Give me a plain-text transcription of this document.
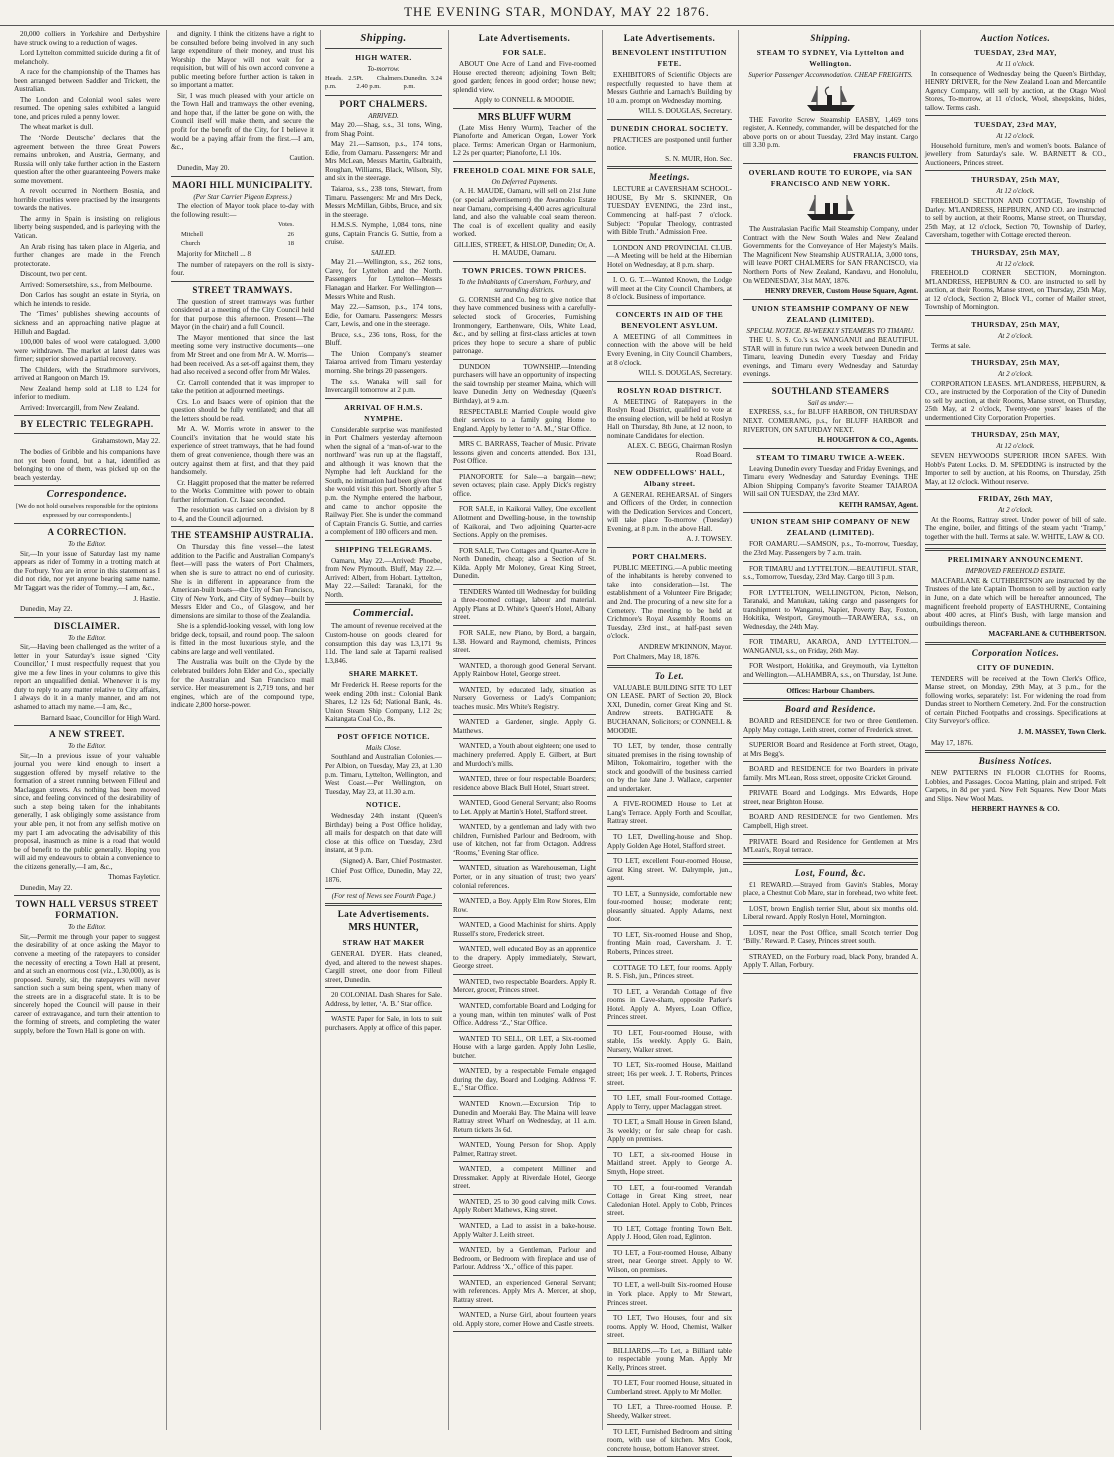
THE EVENING STAR, MONDAY, MAY 22 1876.

20,000 colliers in Yorkshire and Derbyshire have struck owing to a reduction of wages.

Lord Lyttelton committed suicide during a fit of melancholy.

A race for the championship of the Thames has been arranged between Saddler and Trickett, the Australian.

The London and Colonial wool sales were resumed. The opening sales exhibited a languid tone, and prices ruled a penny lower.

The wheat market is dull.

The ‘Norde Deutsche’ declares that the agreement between the three Great Powers remains unbroken, and Austria, Germany, and Russia will only take further action in the Eastern question after the other guaranteeing Powers make some movement.

A revolt occurred in Northern Bosnia, and horrible cruelties were practised by the insurgents towards the natives.

The army in Spain is insisting on religious liberty being suspended, and is parleying with the Vatican.

An Arab rising has taken place in Algeria, and further changes are made in the French protectorate.

Discount, two per cent.

Arrived: Somersetshire, s.s., from Melbourne.

Don Carlos has sought an estate in Styria, on which he intends to reside.

The ‘Times’ publishes shewing accounts of sickness and an approaching native plague at Hilluh and Bagdad.

100,000 bales of wool were catalogued. 3,000 were withdrawn. The market at latest dates was firmer; superior showed a partial recovery.

The Childers, with the Strathmore survivors, arrived at Rangoon on March 19.

New Zealand hemp sold at L18 to L24 for inferior to medium.

Arrived: Invercargill, from New Zealand.

BY ELECTRIC TELEGRAPH.

Grahamstown, May 22.

The bodies of Gribble and his companions have not yet been found, but a hat, identified as belonging to one of them, was picked up on the beach yesterday.

Correspondence.

[We do not hold ourselves responsible for the opinions expressed by our correspondents.]

A CORRECTION.
To the Editor.

Sir,—In your issue of Saturday last my name appears as rider of Tommy in a trotting match at the Forbury. You are in error in this statement as I did not ride, nor yet anyone bearing same name. Mr Taggart was the rider of Tommy.—I am, &c.,

J. Hastie.

Dunedin, May 22.

DISCLAIMER.
To the Editor.

Sir,—Having been challenged as the writer of a letter in your Saturday's issue signed ‘City Councillor,’ I must respectfully request that you give me a few lines in your columns to give this report an unqualified denial. Whenever it is my duty to reply to any matter relative to City affairs, I always do it in a manly manner, and am not ashamed to attach my name.—I am, &c.,

Barnard Isaac, Councillor for High Ward.

A NEW STREET.
To the Editor.

Sir,—In a previous issue of your valuable journal you were kind enough to insert a suggestion offered by myself relative to the formation of a street running between Filleul and Maclaggan streets. As nothing has been moved since, and feeling convinced of the desirability of such a step being taken for the inhabitants generally, I ask obligingly some assistance from your able pen, it not from any selfish motive on my part I am advocating the advisability of this proposal, inasmuch as mine is a road that would be of benefit to the public generally. Hoping you will aid my endeavours to obtain a convenience to the citizens generally,—I am, &c.,

Thomas Fayleticr.

Dunedin, May 22.

TOWN HALL VERSUS STREET FORMATION.
To the Editor.

Sir,—Permit me through your paper to suggest the desirability of at once asking the Mayor to convene a meeting of the ratepayers to consider the necessity of erecting a Town Hall at present, and at such an enormous cost (viz., L30,000), as is proposed. Surely, sir, the ratepayers will never sanction such a sum being spent, when many of the streets are in a disgraceful state. It is to be sincerely hoped the Council will pause in their career of extravagance, and turn their attention to the forming of streets, and completing the water supply, before the Town Hall is gone on with.

and dignity. I think the citizens have a right to be consulted before being involved in any such large expenditure of their money, and trust his Worship the Mayor will not wait for a requisition, but will of his own accord convene a public meeting before further action is taken in so important a matter.

Sir, I was much pleased with your article on the Town Hall and tramways the other evening, and hope that, if the latter be gone on with, the Council itself will make them, and secure the profit for the benefit of the City, for I believe it would be a paying affair from the first.—I am, &c.,

Caution.

Dunedin, May 20.

MAORI HILL MUNICIPALITY.
(Per Star Carrier Pigeon Express.)

The election of Mayor took place to-day with the following result:—

Votes.
Mitchell	26
Church	18

Majority for Mitchell ... 8

The number of ratepayers on the roll is sixty-four.

STREET TRAMWAYS.

The question of street tramways was further considered at a meeting of the City Council held for that purpose this afternoon. Present—The Mayor (in the chair) and a full Council.

The Mayor mentioned that since the last meeting some very instructive documents—one from Mr Street and one from Mr A. W. Morris—had been received. As a set-off against them, they had also received a second offer from Mr Wales.

Cr. Carroll contended that it was improper to take the petition at adjourned meetings.

Crs. Lo and Isaacs were of opinion that the question should be fully ventilated; and that all the letters should be read.

Mr A. W. Morris wrote in answer to the Council's invitation that he would state his experience of street tramways, that he had found them of great convenience, though there was an outcry against them at first, and that they paid handsomely.

Cr. Haggitt proposed that the matter be referred to the Works Committee with power to obtain further information. Cr. Isaac seconded.

The resolution was carried on a division by 8 to 4, and the Council adjourned.

THE STEAMSHIP AUSTRALIA.

On Thursday this fine vessel—the latest addition to the Pacific and Australian Company's fleet—will pass the waters of Port Chalmers, when she is sure to attract no end of curiosity. She is in different in appearance from the American-built boats—the City of San Francisco, City of New York, and City of Sydney—built by Messrs Elder and Co., of Glasgow, and her dimensions are similar to those of the Zealandia.

She is a splendid-looking vessel, with long low bridge deck, topsail, and round poop. The saloon is fitted in the most luxurious style, and the cabins are large and well ventilated.

The Australia was built on the Clyde by the celebrated builders John Elder and Co., specially for the Australian and San Francisco mail service. Her measurement is 2,719 tons, and her engines, which are of the compound type, indicate 2,800 horse-power.

Shipping.
HIGH WATER.
To-morrow.
Heads. 2.5 p.m.
Pt. Chalmers. 2.40 p.m.
Dunedin. 3.24 p.m.
PORT CHALMERS.
ARRIVED.

May 20.—Shag, s.s., 31 tons, Wing, from Shag Point.

May 21.—Samson, p.s., 174 tons, Edie, from Oamaru. Passengers: Mr and Mrs McLean, Messrs Martin, Galbraith, Roughan, Williams, Black, Wilson, Sly, and six in the steerage.

Taiaroa, s.s., 238 tons, Stewart, from Timaru. Passengers: Mr and Mrs Deck, Messrs McMillan, Gibbs, Bruce, and six in the steerage.

H.M.S.S. Nymphe, 1,084 tons, nine guns, Captain Francis G. Suttie, from a cruise.

SAILED.

May 21.—Wellington, s.s., 262 tons, Carey, for Lyttelton and the North. Passengers for Lyttelton—Messrs Flanagan and Harker. For Wellington—Messrs White and Rush.

May 22.—Samson, p.s., 174 tons, Edie, for Oamaru. Passengers: Messrs Carr, Lewis, and one in the steerage.

Bruce, s.s., 236 tons, Ross, for the Bluff.

The Union Company's steamer Taiaroa arrived from Timaru yesterday morning. She brings 20 passengers.

The s.s. Wanaka will sail for Invercargill tomorrow at 2 p.m.

ARRIVAL OF H.M.S. NYMPHE.

Considerable surprise was manifested in Port Chalmers yesterday afternoon when the signal of a ‘man-of-war to the northward’ was run up at the flagstaff, and although it was known that the Nymphe had left Auckland for the South, no intimation had been given that she would visit this port. Shortly after 5 p.m. the Nymphe entered the harbour, and came to anchor opposite the Railway Pier. She is under the command of Captain Francis G. Suttie, and carries a complement of 180 officers and men.

SHIPPING TELEGRAMS.

Oamaru, May 22.—Arrived: Phoebe, from New Plymouth. Bluff, May 22.—Arrived: Albert, from Hobart. Lyttelton, May 22.—Sailed: Taranaki, for the North.

Commercial.

The amount of revenue received at the Custom-house on goods cleared for consumption this day was L3,171 9s 11d. The land sale at Taparni realised L3,846.

SHARE MARKET.

Mr Frederick H. Reese reports for the week ending 20th inst.: Colonial Bank Shares, L2 12s 6d; National Bank, 4s. Union Steam Ship Company, L12 2s; Kaitangata Coal Co., 8s.

POST OFFICE NOTICE.
Mails Close.

Southland and Australian Colonies.—Per Albion, on Tuesday, May 23, at 1.30 p.m. Timaru, Lyttelton, Wellington, and West Coast.—Per Wellington, on Tuesday, May 23, at 11.30 a.m.

NOTICE.

Wednesday 24th instant (Queen's Birthday) being a Post Office holiday, all mails for despatch on that date will close at this office on Tuesday, 23rd instant, at 9 p.m.

(Signed) A. Barr, Chief Postmaster.

Chief Post Office, Dunedin, May 22, 1876.

(For rest of News see Fourth Page.)

Late Advertisements.
MRS HUNTER,
STRAW HAT MAKER

GENERAL DYER. Hats cleaned, dyed, and altered to the newest shapes. Cargill street, one door from Filleul street, Dunedin.

20 COLONIAL Dash Shares for Sale. Address, by letter, ‘A. B.’ Star office.

WASTE Paper for Sale, in lots to suit purchasers. Apply at office of this paper.

Late Advertisements.
FOR SALE.

ABOUT One Acre of Land and Five-roomed House erected thereon; adjoining Town Belt; good garden; fences in good order; house new; splendid view.

Apply to CONNELL & MOODIE.

MRS BLUFF WURM

(Late Miss Henry Wurm), Teacher of the Pianoforte and American Organ, Lower York place. Terms: American Organ or Harmonium, L2 2s per quarter; Pianoforte, L1 10s.

FREEHOLD COAL MINE FOR SALE,
On Deferred Payments.

A. H. MAUDE, Oamaru, will sell on 21st June (or special advertisement) the Awamoko Estate near Oamaru, comprising 4,400 acres agricultural land, and also the valuable coal seam thereon. The coal is of excellent quality and easily worked.

GILLIES, STREET, & HISLOP, Dunedin; Or, A. H. MAUDE, Oamaru.

TOWN PRICES. TOWN PRICES.
To the Inhabitants of Caversham, Forbury, and surrounding districts.

G. CORNISH and Co. beg to give notice that they have commenced business with a carefully-selected stock of Groceries, Furnishing Ironmongery, Earthenware, Oils, White Lead, &c., and by selling at first-class articles at town prices they hope to secure a share of public patronage.

DUNDON TOWNSHIP.—Intending purchasers will have an opportunity of inspecting the said township per steamer Maina, which will leave Dunedin Jetty on Wednesday (Queen's Birthday), at 9 a.m.

RESPECTABLE Married Couple would give their services to a family going Home to England. Apply by letter to ‘A. M.,’ Star Office.

MRS C. BARRASS, Teacher of Music. Private lessons given and concerts attended. Box 131, Post Office.

PIANOFORTE for Sale—a bargain—new; seven octaves; plain case. Apply Dick's registry office.

FOR SALE, in Kaikorai Valley, One excellent Allotment and Dwelling-house, in the township of Kaikorai, and Two adjoining Quarter-acre Sections. Apply on the premises.

FOR SALE, Two Cottages and Quarter-Acre in North Dunedin, cheap; also a Section of St. Kilda. Apply Mr Moloney, Great King Street, Dunedin.

TENDERS Wanted till Wednesday for building a three-roomed cottage, labour and material. Apply Plans at D. White's Queen's Hotel, Albany street.

FOR SALE, new Piano, by Bord, a bargain, L38. Howard and Raymond, chemists, Princes street.

WANTED, a thorough good General Servant. Apply Rainbow Hotel, George street.

WANTED, by educated lady, situation as Nursery Governess or Lady's Companion; teaches music. Mrs White's Registry.

WANTED a Gardener, single. Apply G. Matthews.

WANTED, a Youth about eighteen; one used to machinery preferred. Apply E. Gilbert, at Burt and Murdoch's mills.

WANTED, three or four respectable Boarders; residence above Black Bull Hotel, Stuart street.

WANTED, Good General Servant; also Rooms to Let. Apply at Martin's Hotel, Stafford street.

WANTED, by a gentleman and lady with two children, Furnished Parlour and Bedroom, with use of kitchen, not far from Octagon. Address ‘Rooms,’ Evening Star office.

WANTED, situation as Warehouseman, Light Porter, or in any situation of trust; two years' colonial references.

WANTED, a Boy. Apply Elm Row Stores, Elm Row.

WANTED, a Good Machinist for shirts. Apply Russell's store, Frederick street.

WANTED, well educated Boy as an apprentice to the drapery. Apply immediately, Stewart, George street.

WANTED, two respectable Boarders. Apply R. Mercer, grocer, Princes street.

WANTED, comfortable Board and Lodging for a young man, within ten minutes' walk of Post Office. Address ‘Z.,’ Star Office.

WANTED TO SELL, OR LET, a Six-roomed House with a large garden. Apply John Leslie, butcher.

WANTED, by a respectable Female engaged during the day, Board and Lodging. Address ‘F. E.,’ Star Office.

WANTED Known.—Excursion Trip to Dunedin and Moeraki Bay. The Maina will leave Rattray street Wharf on Wednesday, at 11 a.m. Return tickets 3s 6d.

WANTED, Young Person for Shop. Apply Palmer, Rattray street.

WANTED, a competent Milliner and Dressmaker. Apply at Riverdale Hotel, George street.

WANTED, 25 to 30 good calving milk Cows. Apply Robert Mathews, King street.

WANTED, a Lad to assist in a bake-house. Apply Walter J. Leith street.

WANTED, by a Gentleman, Parlour and Bedroom, or Bedroom with fireplace and use of Parlour. Address ‘X.,’ office of this paper.

WANTED, an experienced General Servant; with references. Apply Mrs A. Mercer, at shop, Rattray street.

WANTED, a Nurse Girl, about fourteen years old. Apply store, corner Howe and Castle streets.

Late Advertisements.
BENEVOLENT INSTITUTION FETE.

EXHIBITORS of Scientific Objects are respectfully requested to have them at Messrs Guthrie and Larnach's Building by 10 a.m. prompt on Wednesday morning.

WILL S. DOUGLAS, Secretary.

DUNEDIN CHORAL SOCIETY.

PRACTICES are postponed until further notice.

S. N. MUIR, Hon. Sec.

Meetings.

LECTURE at CAVERSHAM SCHOOL-HOUSE, By Mr S. SKINNER, On TUESDAY EVENING, the 23rd inst., Commencing at half-past 7 o'clock. Subject: ‘Popular Theology, contrasted with Bible Truth.’ Admission Free.

LONDON AND PROVINCIAL CLUB.—A Meeting will be held at the Hibernian Hotel on Wednesday, at 8 p.m. sharp.

I. O. G. T.—Wanted Known, the Lodge will meet at the City Council Chambers, at 8 o'clock. Business of importance.

CONCERTS IN AID OF THE BENEVOLENT ASYLUM.

A MEETING of all Committees in connection with the above will be held Every Evening, in City Council Chambers, at 8 o'clock.

WILL S. DOUGLAS, Secretary.

ROSLYN ROAD DISTRICT.

A MEETING of Ratepayers in the Roslyn Road District, qualified to vote at the ensuing election, will be held at Roslyn Hall on Thursday, 8th June, at 12 noon, to nominate Candidates for election.

ALEX. C. BEGG, Chairman Roslyn Road Board.

NEW ODDFELLOWS' HALL, Albany street.

A GENERAL REHEARSAL of Singers and Officers of the Order, in connection with the Dedication Services and Concert, will take place To-morrow (Tuesday) Evening, at 8 p.m. in the above Hall.

A. J. TOWSEY.

PORT CHALMERS.

PUBLIC MEETING.—A public meeting of the inhabitants is hereby convened to take into consideration—1st. The establishment of a Volunteer Fire Brigade; and 2nd. The procuring of a new site for a Cemetery. The meeting to be held at Crichmore's Royal Assembly Rooms on Tuesday, 23rd inst., at half-past seven o'clock.

ANDREW M'KINNON, Mayor.

Port Chalmers, May 18, 1876.

To Let.

VALUABLE BUILDING SITE TO LET ON LEASE. PART of Section 20, Block XXI, Dunedin, corner Great King and St. Andrew streets. BATHGATE & BUCHANAN, Solicitors; or CONNELL & MOODIE.

TO LET, by tender, those centrally situated premises in the rising township of Milton, Tokomairiro, together with the stock and goodwill of the business carried on by the late Jane J. Wallace, carpenter and undertaker.

A FIVE-ROOMED House to Let at Lang's Terrace. Apply Forth and Scoullar, Rattray street.

TO LET, Dwelling-house and Shop. Apply Golden Age Hotel, Stafford street.

TO LET, excellent Four-roomed House, Great King street. W. Dalrymple, jun., agent.

TO LET, a Sunnyside, comfortable new four-roomed house; moderate rent; pleasantly situated. Apply Adams, next door.

TO LET, Six-roomed House and Shop, fronting Main road, Caversham. J. T. Roberts, Princes street.

COTTAGE TO LET, four rooms. Apply R. S. Fish, jun., Princes street.

TO LET, a Verandah Cottage of five rooms in Cave-sham, opposite Parker's Hotel. Apply A. Myers, Loan Office, Princes street.

TO LET, Four-roomed House, with stable, 15s weekly. Apply G. Bain, Nursery, Walker street.

TO LET, Six-roomed House, Maitland street; 16s per week. J. T. Roberts, Princes street.

TO LET, small Four-roomed Cottage. Apply to Terry, upper Maclaggan street.

TO LET, a Small House in Green Island, 3s weekly; or for sale cheap for cash. Apply on premises.

TO LET, a six-roomed House in Maitland street. Apply to George A. Smyth, Hope street.

TO LET, a four-roomed Verandah Cottage in Great King street, near Caledonian Hotel. Apply to Cobb, Princes street.

TO LET, Cottage fronting Town Belt. Apply J. Hood, Glen road, Eglinton.

TO LET, a Four-roomed House, Albany street, near George street. Apply to W. Wilson, on premises.

TO LET, a well-built Six-roomed House in York place. Apply to Mr Stewart, Princes street.

TO LET, Two Houses, four and six rooms. Apply W. Hood, Chemist, Walker street.

BILLIARDS.—To Let, a Billiard table to respectable young Man. Apply Mr Kelly, Princes street.

TO LET, Four roomed House, situated in Cumberland street. Apply to Mr Moller.

TO LET, a Three-roomed House. P. Sheedy, Walker street.

TO LET, Furnished Bedroom and sitting room, with use of kitchen. Mrs Cook, concrete house, bottom Hanover street.

Shipping.
STEAM TO SYDNEY, Via Lyttelton and Wellington.
Superior Passenger Accommodation. CHEAP FREIGHTS.

THE Favorite Screw Steamship EASBY, 1,469 tons register, A. Kennedy, commander, will be despatched for the above ports on or about Tuesday, 23rd May instant. Cargo till 3.30 p.m.

FRANCIS FULTON.

OVERLAND ROUTE TO EUROPE, via SAN FRANCISCO AND NEW YORK.

The Australasian Pacific Mail Steamship Company, under Contract with the New South Wales and New Zealand Governments for the Conveyance of Her Majesty's Mails. The Magnificent New Steamship AUSTRALIA, 3,000 tons, will leave PORT CHALMERS for SAN FRANCISCO, via Northern Ports of New Zealand, Kandavu, and Honolulu, On WEDNESDAY, 31st MAY, 1876.

HENRY DREVER, Custom House Square, Agent.

UNION STEAMSHIP COMPANY OF NEW ZEALAND (LIMITED).
SPECIAL NOTICE. BI-WEEKLY STEAMERS TO TIMARU.

THE U. S. S. Co.'s s.s. WANGANUI and BEAUTIFUL STAR will in future run twice a week between Dunedin and Timaru, leaving Dunedin every Tuesday and Friday evenings, and Timaru every Wednesday and Saturday evenings.

SOUTHLAND STEAMERS
Sail as under:—

EXPRESS, s.s., for BLUFF HARBOR, ON THURSDAY NEXT. COMERANG, p.s., for BLUFF HARBOR and RIVERTON, ON SATURDAY NEXT.

H. HOUGHTON & CO., Agents.

STEAM TO TIMARU TWICE A-WEEK.

Leaving Dunedin every Tuesday and Friday Evenings, and Timaru every Wednesday and Saturday Evenings. THE Albion Shipping Company's favorite Steamer TAIAROA Will sail ON TUESDAY, the 23rd MAY.

KEITH RAMSAY, Agent.

UNION STEAM SHIP COMPANY OF NEW ZEALAND (LIMITED).

FOR OAMARU.—SAMSON, p.s., To-morrow, Tuesday, the 23rd May. Passengers by 7 a.m. train.

FOR TIMARU and LYTTELTON.—BEAUTIFUL STAR, s.s., Tomorrow, Tuesday, 23rd May. Cargo till 3 p.m.

FOR LYTTELTON, WELLINGTON, Picton, Nelson, Taranaki, and Manukau, taking cargo and passengers for transhipment to Wanganui, Napier, Poverty Bay, Foxton, Hokitika, Westport, Greymouth—TARAWERA, s.s., on Wednesday, the 24th May.

FOR TIMARU, AKAROA, AND LYTTELTON.—WANGANUI, s.s., on Friday, 26th May.

FOR Westport, Hokitika, and Greymouth, via Lyttelton and Wellington.—ALHAMBRA, s.s., on Thursday, 1st June.

Offices: Harbour Chambers.

Board and Residence.

BOARD and RESIDENCE for two or three Gentlemen. Apply May cottage, Leith street, corner of Frederick street.

SUPERIOR Board and Residence at Forth street, Otago, at Mrs Begg's.

BOARD and RESIDENCE for two Boarders in private family. Mrs M'Lean, Ross street, opposite Cricket Ground.

PRIVATE Board and Lodgings. Mrs Edwards, Hope street, near Brighton House.

BOARD AND RESIDENCE for two Gentlemen. Mrs Campbell, High street.

PRIVATE Board and Residence for Gentlemen at Mrs M'Lean's, Royal terrace.

Lost, Found, &c.

£1 REWARD.—Strayed from Gavin's Stables, Moray place, a Chestnut Cob Mare, star in forehead, two white feet.

LOST, brown English terrier Slut, about six months old. Liberal reward. Apply Roslyn Hotel, Mornington.

LOST, near the Post Office, small Scotch terrier Dog ‘Billy.’ Reward. P. Casey, Princes street south.

STRAYED, on the Forbury road, black Pony, branded A. Apply T. Allan, Forbury.

Auction Notices.
TUESDAY, 23rd MAY,
At 11 o'clock.

In consequence of Wednesday being the Queen's Birthday, HENRY DRIVER, for the New Zealand Loan and Mercantile Agency Company, will sell by auction, at the Otago Wool Stores, To-morrow, at 11 o'clock, Wool, sheepskins, hides, tallow. Terms cash.

TUESDAY, 23rd MAY,
At 12 o'clock.

Household furniture, men's and women's boots. Balance of jewellery from Saturday's sale. W. BARNETT & CO., Auctioneers, Princes street.

THURSDAY, 25th MAY,
At 12 o'clock.

FREEHOLD SECTION AND COTTAGE, Township of Darley. M'LANDRESS, HEPBURN, AND CO. are instructed to sell by auction, at their Rooms, Manse street, on Thursday, 25th May, at 12 o'clock, Section 70, Township of Darley, Caversham, together with Cottage erected thereon.

THURSDAY, 25th MAY,
At 12 o'clock.

FREEHOLD CORNER SECTION, Mornington. M'LANDRESS, HEPBURN & CO. are instructed to sell by auction, at their Rooms, Manse street, on Thursday, 25th May, at 12 o'clock, Section 2, Block VI., corner of Mailer street, Township of Mornington.

THURSDAY, 25th MAY,
At 2 o'clock.

Terms at sale.

THURSDAY, 25th MAY,
At 2 o'clock.

CORPORATION LEASES. M'LANDRESS, HEPBURN, & CO., are instructed by the Corporation of the City of Dunedin to sell by auction, at their Rooms, Manse street, on Thursday, 25th May, at 2 o'clock, Twenty-one years' leases of the undermentioned City Corporation Properties.

THURSDAY, 25th MAY,
At 12 o'clock.

SEVEN HEYWOODS SUPERIOR IRON SAFES. With Hobb's Patent Locks. D. M. SPEDDING is instructed by the Importer to sell by auction, at his Rooms, on Thursday, 25th May, at 12 o'clock. Without reserve.

FRIDAY, 26th MAY,
At 2 o'clock.

At the Rooms, Rattray street. Under power of bill of sale. The engine, boiler, and fittings of the steam yacht ‘Tramp,’ together with the hull. Terms at sale. W. WHITE, LAW & CO.

PRELIMINARY ANNOUNCEMENT.
IMPROVED FREEHOLD ESTATE.

MACFARLANE & CUTHBERTSON are instructed by the Trustees of the late Captain Thomson to sell by auction early in June, on a date which will be hereafter announced, The magnificent freehold property of EASTHURNE, Containing about 400 acres, at Flint's Bush, with large mansion and outbuildings thereon.

MACFARLANE & CUTHBERTSON.

Corporation Notices.
CITY OF DUNEDIN.

TENDERS will be received at the Town Clerk's Office, Manse street, on Monday, 29th May, at 3 p.m., for the following works, separately: 1st. For widening the road from Dundas street to Northern Cemetery. 2nd. For the construction of certain Pitched Footpaths and crossings. Specifications at City Surveyor's office.

J. M. MASSEY, Town Clerk.

May 17, 1876.

Business Notices.

NEW PATTERNS IN FLOOR CLOTHS for Rooms, Lobbies, and Passages. Cocoa Matting, plain and striped. Felt Carpets, in 8d per yard. New Felt Squares. New Door Mats and Slips. New Wool Mats.

HERBERT HAYNES & CO.
